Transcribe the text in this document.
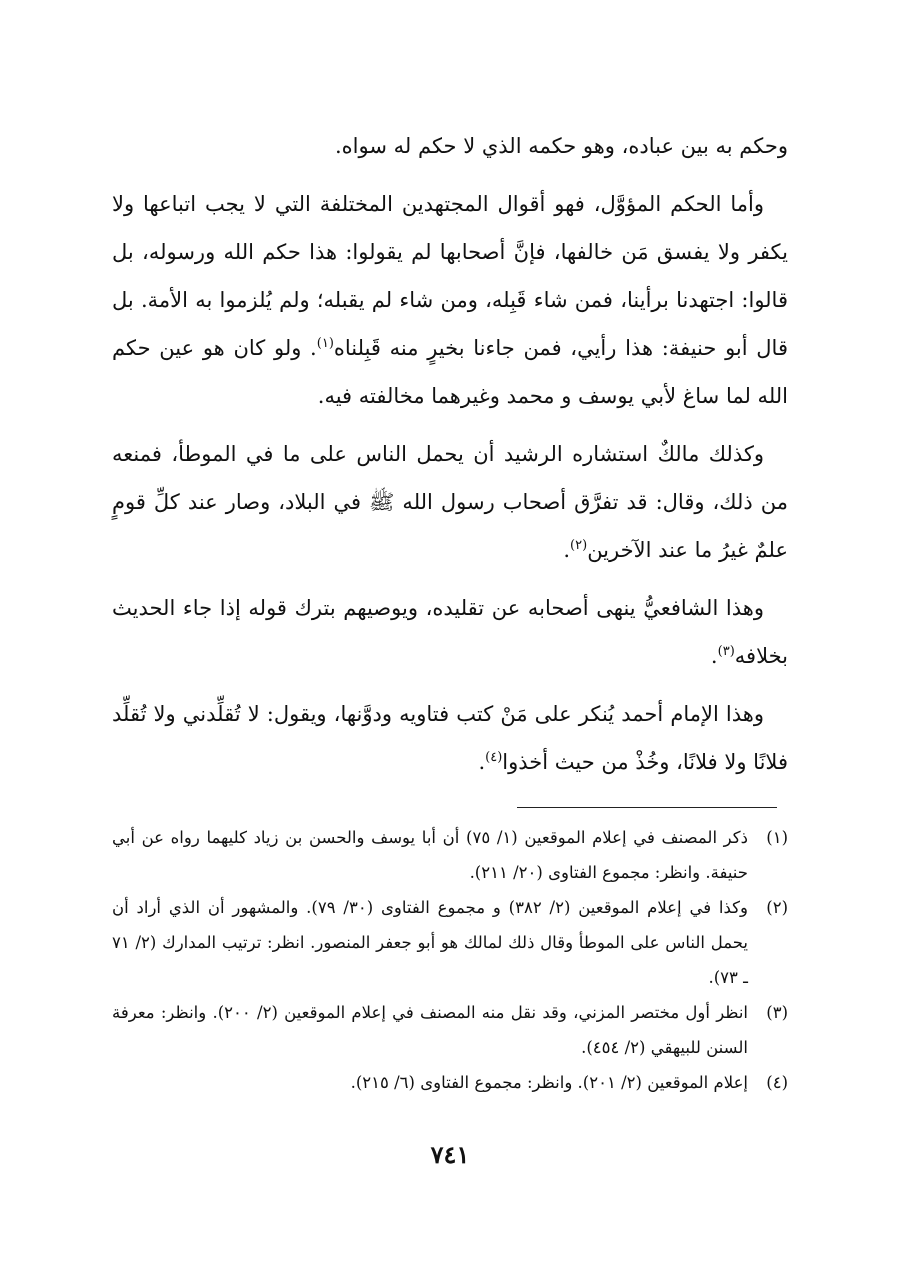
وحكم به بين عباده، وهو حكمه الذي لا حكم له سواه.

وأما الحكم المؤوَّل، فهو أقوال المجتهدين المختلفة التي لا يجب اتباعها ولا يكفر ولا يفسق مَن خالفها، فإنَّ أصحابها لم يقولوا: هذا حكم الله ورسوله، بل قالوا: اجتهدنا برأينا، فمن شاء قَبِله، ومن شاء لم يقبله؛ ولم يُلزموا به الأمة. بل قال أبو حنيفة: هذا رأيي، فمن جاءنا بخيرٍ منه قَبِلناه$^{(١)}$. ولو كان هو عين حكم الله لما ساغ لأبي يوسف و محمد وغيرهما مخالفته فيه.

وكذلك مالكٌ استشاره الرشيد أن يحمل الناس على ما في الموطأ، فمنعه من ذلك، وقال: قد تفرَّق أصحاب رسول الله ﷺ في البلاد، وصار عند كلِّ قومٍ علمٌ غيرُ ما عند الآخرين$^{(٢)}$.

وهذا الشافعيُّ ينهى أصحابه عن تقليده، ويوصيهم بترك قوله إذا جاء الحديث بخلافه$^{(٣)}$.

وهذا الإمام أحمد يُنكر على مَنْ كتب فتاويه ودوَّنها، ويقول: لا تُقلِّدني ولا تُقلِّد فلانًا ولا فلانًا، وخُذْ من حيث أخذوا$^{(٤)}$.

(١)
ذكر المصنف في إعلام الموقعين (١/ ٧٥) أن أبا يوسف والحسن بن زياد كليهما رواه عن أبي حنيفة. وانظر: مجموع الفتاوى (٢٠/ ٢١١).
(٢)
وكذا في إعلام الموقعين (٢/ ٣٨٢) و مجموع الفتاوى (٣٠/ ٧٩). والمشهور أن الذي أراد أن يحمل الناس على الموطأ وقال ذلك لمالك هو أبو جعفر المنصور. انظر: ترتيب المدارك (٢/ ٧١ ـ ٧٣).
(٣)
انظر أول مختصر المزني، وقد نقل منه المصنف في إعلام الموقعين (٢/ ٢٠٠). وانظر: معرفة السنن للبيهقي (٢/ ٤٥٤).
(٤)
إعلام الموقعين (٢/ ٢٠١). وانظر: مجموع الفتاوى (٦/ ٢١٥).
٧٤١
